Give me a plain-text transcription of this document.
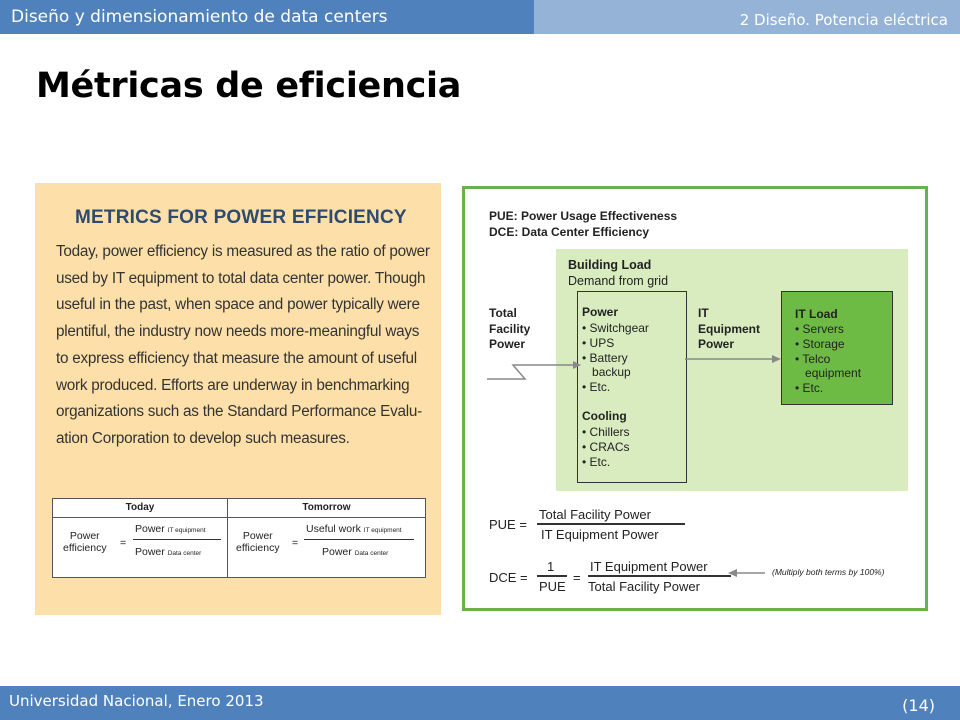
Diseño y dimensionamiento de data centers	2 Diseño. Potencia eléctrica
Métricas de eficiencia
METRICS FOR POWER EFFICIENCY
Today, power efficiency is measured as the ratio of power
used by IT equipment to total data center power. Though
useful in the past, when space and power typically were
plentiful, the industry now needs more-meaningful ways
to express efficiency that measure the amount of useful
work produced. Efforts are underway in benchmarking
organizations such as the Standard Performance Evalu-
ation Corporation to develop such measures.
Today
Power
efficiency =
Power IT equipment
Power Data center
Tomorrow
Power
efficiency =
Useful work IT equipment
Power Data center
PUE: Power Usage Effectiveness
DCE: Data Center Efficiency
Building Load
Demand from grid
Power
• Switchgear
• UPS
• Battery
backup
• Etc.
Cooling
• Chillers
• CRACs
• Etc.
Total
Facility
Power
IT
Equipment
Power
IT Load
• Servers
• Storage
• Telco
equipment
• Etc.
PUE =
Total Facility Power
IT Equipment Power
DCE =
1
PUE
=
IT Equipment Power
Total Facility Power
(Multiply both terms by 100%)
Universidad Nacional, Enero 2013	(14)
